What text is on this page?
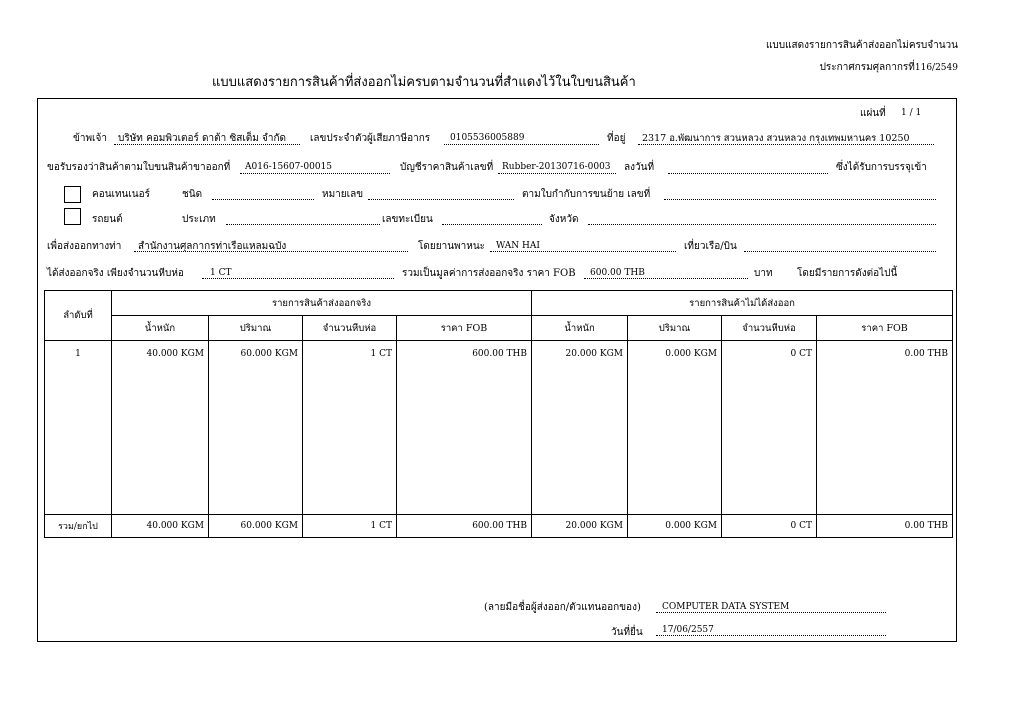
แบบแสดงรายการสินค้าส่งออกไม่ครบจำนวน
ประกาศกรมศุลกากรที่116/2549
แบบแสดงรายการสินค้าที่ส่งออกไม่ครบตามจำนวนที่สำแดงไว้ในใบขนสินค้า
แผ่นที่ 1 / 1
ข้าพเจ้า บริษัท คอมพิวเตอร์ ดาต้า ซิสเต็ม จำกัด เลขประจำตัวผู้เสียภาษีอากร 0105536005889	ที่อยู่ 2317 อ.พัฒนาการ สวนหลวง สวนหลวง กรุงเทพมหานคร 10250
ขอรับรองว่าสินค้าตามใบขนสินค้าขาออกที่ A016-15607-00015	บัญชีราคาสินค้าเลขที่ Rubber-20130716-0003 ลงวันที่	ซึ่งได้รับการบรรจุเข้า
คอนเทนเนอร์	ชนิด	หมายเลข	ตามใบกำกับการขนย้าย เลขที่
รถยนต์	ประเภท	เลขทะเบียน	จังหวัด
เพื่อส่งออกทางท่า สำนักงานศุลกากรท่าเรือแหลมฉบัง	โดยยานพาหนะ WAN HAI	เที่ยวเรือ/บิน
ได้ส่งออกจริง เพียงจำนวนหีบห่อ	1 CT	รวมเป็นมูลค่าการส่งออกจริง ราคา FOB 600.00 THB	บาท โดยมีรายการดังต่อไปนี้
ลำดับที่	รายการสินค้าส่งออกจริง				รายการสินค้าไม่ได้ส่งออก			
	น้ำหนัก	ปริมาณ	จำนวนหีบห่อ	ราคา FOB	น้ำหนัก	ปริมาณ	จำนวนหีบห่อ	ราคา FOB

1	40.000 KGM	60.000 KGM	1 CT	600.00 THB	20.000 KGM	0.000 KGM	0 CT	0.00 THB
รวม/ยกไป	40.000 KGM	60.000 KGM	1 CT	600.00 THB	20.000 KGM	0.000 KGM	0 CT	0.00 THB
(ลายมือชื่อผู้ส่งออก/ตัวแทนออกของ) COMPUTER DATA SYSTEM
วันที่ยื่น 17/06/2557
